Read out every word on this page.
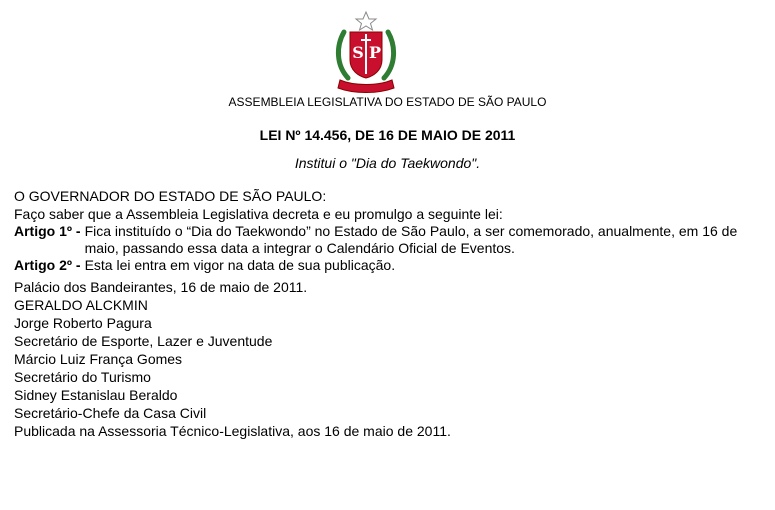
S P
ASSEMBLEIA LEGISLATIVA DO ESTADO DE SÃO PAULO
LEI Nº 14.456, DE 16 DE MAIO DE 2011
Institui o "Dia do Taekwondo".
O GOVERNADOR DO ESTADO DE SÃO PAULO:
Faço saber que a Assembleia Legislativa decreta e eu promulgo a seguinte lei:
Artigo 1º - Fica instituído o “Dia do Taekwondo” no Estado de São Paulo, a ser comemorado, anualmente, em 16 de maio, passando essa data a integrar o Calendário Oficial de Eventos.
Artigo 2º - Esta lei entra em vigor na data de sua publicação.
Palácio dos Bandeirantes, 16 de maio de 2011.
GERALDO ALCKMIN
Jorge Roberto Pagura
Secretário de Esporte, Lazer e Juventude
Márcio Luiz França Gomes
Secretário do Turismo
Sidney Estanislau Beraldo
Secretário-Chefe da Casa Civil
Publicada na Assessoria Técnico-Legislativa, aos 16 de maio de 2011.
